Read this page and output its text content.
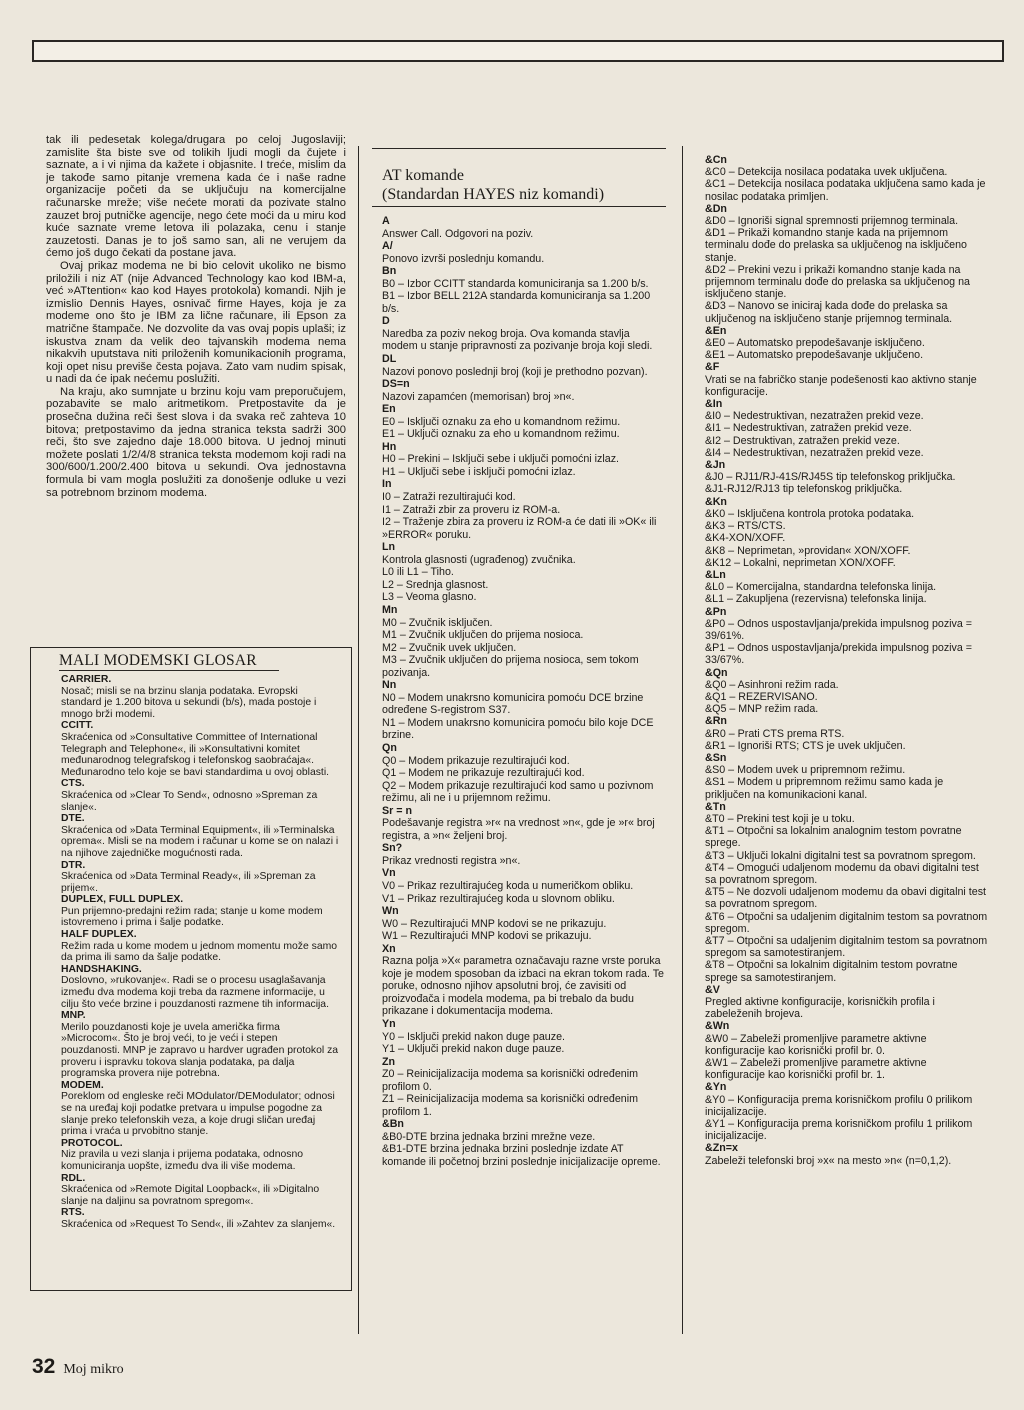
tak ili pedesetak kolega/drugara po celoj Jugoslaviji; zamislite šta biste sve od tolikih ljudi mogli da čujete i saznate, a i vi njima da kažete i objasnite. I treće, mislim da je takođe samo pitanje vremena kada će i naše radne organizacije početi da se uključuju na komercijalne računarske mreže; više nećete morati da pozivate stalno zauzet broj putničke agencije, nego ćete moći da u miru kod kuće saznate vreme letova ili polazaka, cenu i stanje zauzetosti. Danas je to još samo san, ali ne verujem da ćemo još dugo čekati da postane java.

Ovaj prikaz modema ne bi bio celovit ukoliko ne bismo priložili i niz AT (nije Advanced Technology kao kod IBM-a, već »ATtention« kao kod Hayes protokola) komandi. Njih je izmislio Dennis Hayes, osnivač firme Hayes, koja je za modeme ono što je IBM za lične računare, ili Epson za matrične štampače. Ne dozvolite da vas ovaj popis uplaši; iz iskustva znam da velik deo tajvanskih modema nema nikakvih uputstava niti priloženih komunikacionih programa, koji opet nisu previše česta pojava. Zato vam nudim spisak, u nadi da će ipak nećemu poslužiti.

Na kraju, ako sumnjate u brzinu koju vam preporučujem, pozabavite se malo aritmetikom. Pretpostavite da je prosečna dužina reči šest slova i da svaka reč zahteva 10 bitova; pretpostavimo da jedna stranica teksta sadrži 300 reči, što sve zajedno daje 18.000 bitova. U jednoj minuti možete poslati 1/2/4/8 stranica teksta modemom koji radi na 300/600/1.200/2.400 bitova u sekundi. Ova jednostavna formula bi vam mogla poslužiti za donošenje odluke u vezi sa potrebnom brzinom modema.

MALI MODEMSKI GLOSAR
CARRIER.
Nosač; misli se na brzinu slanja podataka. Evropski standard je 1.200 bitova u sekundi (b/s), mada postoje i mnogo brži modemi.
CCITT.
Skraćenica od »Consultative Committee of International Telegraph and Telephone«, ili »Konsultativni komitet međunarodnog telegrafskog i telefonskog saobraćaja«. Međunarodno telo koje se bavi standardima u ovoj oblasti.
CTS.
Skraćenica od »Clear To Send«, odnosno »Spreman za slanje«.
DTE.
Skraćenica od »Data Terminal Equipment«, ili »Terminalska oprema«. Misli se na modem i računar u kome se on nalazi i na njihove zajedničke mogućnosti rada.
DTR.
Skraćenica od »Data Terminal Ready«, ili »Spreman za prijem«.
DUPLEX, FULL DUPLEX.
Pun prijemno-predajni režim rada; stanje u kome modem istovremeno i prima i šalje podatke.
HALF DUPLEX.
Režim rada u kome modem u jednom momentu može samo da prima ili samo da šalje podatke.
HANDSHAKING.
Doslovno, »rukovanje«. Radi se o procesu usaglašavanja između dva modema koji treba da razmene informacije, u cilju što veće brzine i pouzdanosti razmene tih informacija.
MNP.
Merilo pouzdanosti koje je uvela američka firma »Microcom«. Što je broj veći, to je veći i stepen pouzdanosti. MNP je zapravo u hardver ugrađen protokol za proveru i ispravku tokova slanja podataka, pa dalja programska provera nije potrebna.
MODEM.
Poreklom od engleske reči MOdulator/DEModulator; odnosi se na uređaj koji podatke pretvara u impulse pogodne za slanje preko telefonskih veza, a koje drugi sličan uređaj prima i vraća u prvobitno stanje.
PROTOCOL.
Niz pravila u vezi slanja i prijema podataka, odnosno komuniciranja uopšte, između dva ili više modema.
RDL.
Skraćenica od »Remote Digital Loopback«, ili »Digitalno slanje na daljinu sa povratnom spregom«.
RTS.
Skraćenica od »Request To Send«, ili »Zahtev za slanjem«.
AT komande
(Standardan HAYES niz komandi)
A
Answer Call. Odgovori na poziv.
A/
Ponovo izvrši poslednju komandu.
Bn
B0 – Izbor CCITT standarda komuniciranja sa 1.200 b/s.
B1 – Izbor BELL 212A standarda komuniciranja sa 1.200 b/s.
D
Naredba za poziv nekog broja. Ova komanda stavlja modem u stanje pripravnosti za pozivanje broja koji sledi.
DL
Nazovi ponovo poslednji broj (koji je prethodno pozvan).
DS=n
Nazovi zapamćen (memorisan) broj »n«.
En
E0 – Isključi oznaku za eho u komandnom režimu.
E1 – Uključi oznaku za eho u komandnom režimu.
Hn
H0 – Prekini – Isključi sebe i uključi pomoćni izlaz.
H1 – Uključi sebe i isključi pomoćni izlaz.
In
I0 – Zatraži rezultirajući kod.
I1 – Zatraži zbir za proveru iz ROM-a.
I2 – Traženje zbira za proveru iz ROM-a će dati ili »OK« ili »ERROR« poruku.
Ln
Kontrola glasnosti (ugrađenog) zvučnika.
L0 ili L1 – Tiho.
L2 – Srednja glasnost.
L3 – Veoma glasno.
Mn
M0 – Zvučnik isključen.
M1 – Zvučnik uključen do prijema nosioca.
M2 – Zvučnik uvek uključen.
M3 – Zvučnik uključen do prijema nosioca, sem tokom pozivanja.
Nn
N0 – Modem unakrsno komunicira pomoću DCE brzine određene S-registrom S37.
N1 – Modem unakrsno komunicira pomoću bilo koje DCE brzine.
Qn
Q0 – Modem prikazuje rezultirajući kod.
Q1 – Modem ne prikazuje rezultirajući kod.
Q2 – Modem prikazuje rezultirajući kod samo u pozivnom režimu, ali ne i u prijemnom režimu.
Sr = n
Podešavanje registra »r« na vrednost »n«, gde je »r« broj registra, a »n« željeni broj.
Sn?
Prikaz vrednosti registra »n«.
Vn
V0 – Prikaz rezultirajućeg koda u numeričkom obliku.
V1 – Prikaz rezultirajućeg koda u slovnom obliku.
Wn
W0 – Rezultirajući MNP kodovi se ne prikazuju.
W1 – Rezultirajući MNP kodovi se prikazuju.
Xn
Razna polja »X« parametra označavaju razne vrste poruka koje je modem sposoban da izbaci na ekran tokom rada. Te poruke, odnosno njihov apsolutni broj, će zavisiti od proizvođača i modela modema, pa bi trebalo da budu prikazane i dokumentacija modema.
Yn
Y0 – Isključi prekid nakon duge pauze.
Y1 – Uključi prekid nakon duge pauze.
Zn
Z0 – Reinicijalizacija modema sa korisnički određenim profilom 0.
Z1 – Reinicijalizacija modema sa korisnički određenim profilom 1.
&Bn
&B0-DTE brzina jednaka brzini mrežne veze.
&B1-DTE brzina jednaka brzini poslednje izdate AT komande ili početnoj brzini poslednje inicijalizacije opreme.
&Cn
&C0 – Detekcija nosilaca podataka uvek uključena.
&C1 – Detekcija nosilaca podataka uključena samo kada je nosilac podataka primljen.
&Dn
&D0 – Ignoriši signal spremnosti prijemnog terminala.
&D1 – Prikaži komandno stanje kada na prijemnom terminalu dođe do prelaska sa uključenog na isključeno stanje.
&D2 – Prekini vezu i prikaži komandno stanje kada na prijemnom terminalu dođe do prelaska sa uključenog na isključeno stanje.
&D3 – Nanovo se iniciraj kada dođe do prelaska sa uključenog na isključeno stanje prijemnog terminala.
&En
&E0 – Automatsko prepodešavanje isključeno.
&E1 – Automatsko prepodešavanje uključeno.
&F
Vrati se na fabričko stanje podešenosti kao aktivno stanje konfiguracije.
&In
&I0 – Nedestruktivan, nezatražen prekid veze.
&I1 – Nedestruktivan, zatražen prekid veze.
&I2 – Destruktivan, zatražen prekid veze.
&I4 – Nedestruktivan, nezatražen prekid veze.
&Jn
&J0 – RJ11/RJ-41S/RJ45S tip telefonskog priključka.
&J1-RJ12/RJ13 tip telefonskog priključka.
&Kn
&K0 – Isključena kontrola protoka podataka.
&K3 – RTS/CTS.
&K4-XON/XOFF.
&K8 – Neprimetan, »providan« XON/XOFF.
&K12 – Lokalni, neprimetan XON/XOFF.
&Ln
&L0 – Komercijalna, standardna telefonska linija.
&L1 – Zakupljena (rezervisna) telefonska linija.
&Pn
&P0 – Odnos uspostavljanja/prekida impulsnog poziva = 39/61%.
&P1 – Odnos uspostavljanja/prekida impulsnog poziva = 33/67%.
&Qn
&Q0 – Asinhroni režim rada.
&Q1 – REZERVISANO.
&Q5 – MNP režim rada.
&Rn
&R0 – Prati CTS prema RTS.
&R1 – Ignoriši RTS; CTS je uvek uključen.
&Sn
&S0 – Modem uvek u pripremnom režimu.
&S1 – Modem u pripremnom režimu samo kada je priključen na komunikacioni kanal.
&Tn
&T0 – Prekini test koji je u toku.
&T1 – Otpočni sa lokalnim analognim testom povratne sprege.
&T3 – Uključi lokalni digitalni test sa povratnom spregom.
&T4 – Omogući udaljenom modemu da obavi digitalni test sa povratnom spregom.
&T5 – Ne dozvoli udaljenom modemu da obavi digitalni test sa povratnom spregom.
&T6 – Otpočni sa udaljenim digitalnim testom sa povratnom spregom.
&T7 – Otpočni sa udaljenim digitalnim testom sa povratnom spregom sa samotestiranjem.
&T8 – Otpočni sa lokalnim digitalnim testom povratne sprege sa samotestiranjem.
&V
Pregled aktivne konfiguracije, korisničkih profila i zabeleženih brojeva.
&Wn
&W0 – Zabeleži promenljive parametre aktivne konfiguracije kao korisnički profil br. 0.
&W1 – Zabeleži promenljive parametre aktivne konfiguracije kao korisnički profil br. 1.
&Yn
&Y0 – Konfiguracija prema korisničkom profilu 0 prilikom inicijalizacije.
&Y1 – Konfiguracija prema korisničkom profilu 1 prilikom inicijalizacije.
&Zn=x
Zabeleži telefonski broj »x« na mesto »n« (n=0,1,2).
32 Moj mikro
